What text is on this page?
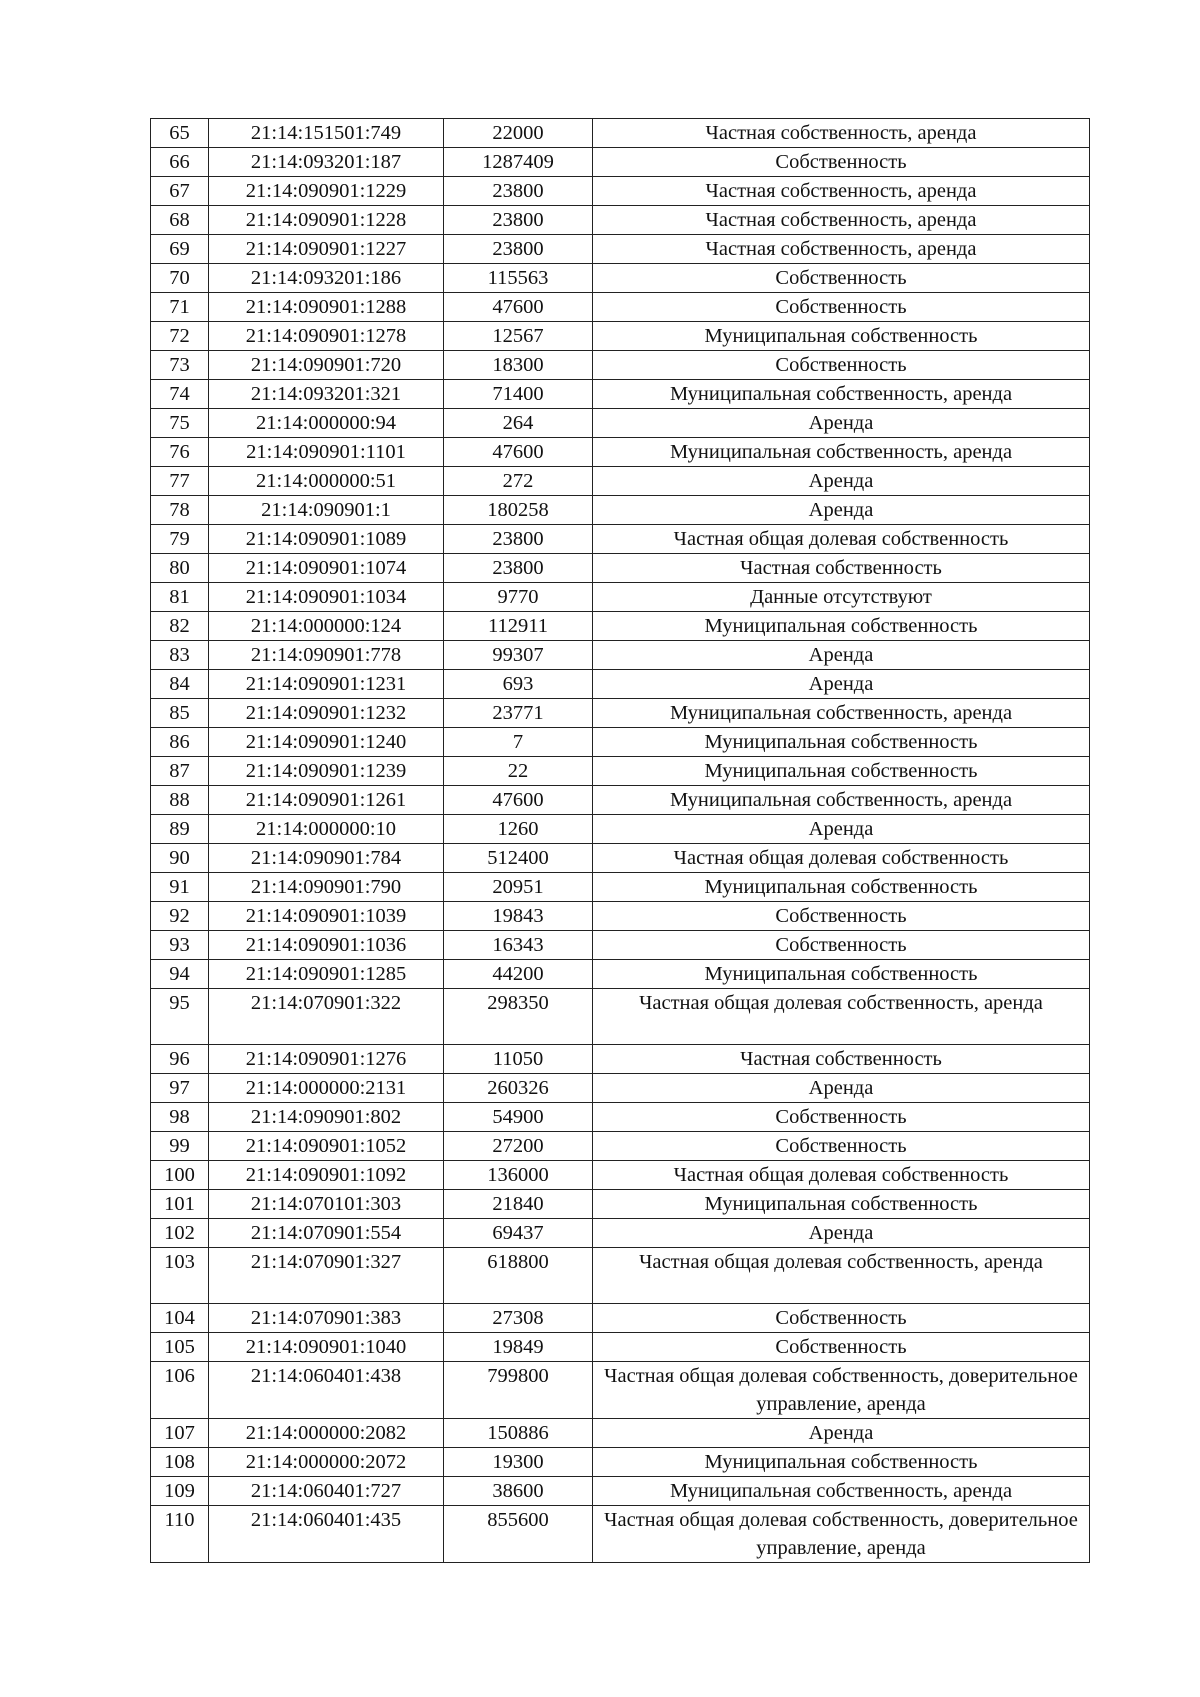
65	21:14:151501:749	22000	Частная собственность, аренда
66	21:14:093201:187	1287409	Собственность
67	21:14:090901:1229	23800	Частная собственность, аренда
68	21:14:090901:1228	23800	Частная собственность, аренда
69	21:14:090901:1227	23800	Частная собственность, аренда
70	21:14:093201:186	115563	Собственность
71	21:14:090901:1288	47600	Собственность
72	21:14:090901:1278	12567	Муниципальная собственность
73	21:14:090901:720	18300	Собственность
74	21:14:093201:321	71400	Муниципальная собственность, аренда
75	21:14:000000:94	264	Аренда
76	21:14:090901:1101	47600	Муниципальная собственность, аренда
77	21:14:000000:51	272	Аренда
78	21:14:090901:1	180258	Аренда
79	21:14:090901:1089	23800	Частная общая долевая собственность
80	21:14:090901:1074	23800	Частная собственность
81	21:14:090901:1034	9770	Данные отсутствуют
82	21:14:000000:124	112911	Муниципальная собственность
83	21:14:090901:778	99307	Аренда
84	21:14:090901:1231	693	Аренда
85	21:14:090901:1232	23771	Муниципальная собственность, аренда
86	21:14:090901:1240	7	Муниципальная собственность
87	21:14:090901:1239	22	Муниципальная собственность
88	21:14:090901:1261	47600	Муниципальная собственность, аренда
89	21:14:000000:10	1260	Аренда
90	21:14:090901:784	512400	Частная общая долевая собственность
91	21:14:090901:790	20951	Муниципальная собственность
92	21:14:090901:1039	19843	Собственность
93	21:14:090901:1036	16343	Собственность
94	21:14:090901:1285	44200	Муниципальная собственность
95	21:14:070901:322	298350	Частная общая долевая собственность, аренда
96	21:14:090901:1276	11050	Частная собственность
97	21:14:000000:2131	260326	Аренда
98	21:14:090901:802	54900	Собственность
99	21:14:090901:1052	27200	Собственность
100	21:14:090901:1092	136000	Частная общая долевая собственность
101	21:14:070101:303	21840	Муниципальная собственность
102	21:14:070901:554	69437	Аренда
103	21:14:070901:327	618800	Частная общая долевая собственность, аренда
104	21:14:070901:383	27308	Собственность
105	21:14:090901:1040	19849	Собственность
106	21:14:060401:438	799800	Частная общая долевая собственность, доверительное управление, аренда
107	21:14:000000:2082	150886	Аренда
108	21:14:000000:2072	19300	Муниципальная собственность
109	21:14:060401:727	38600	Муниципальная собственность, аренда
110	21:14:060401:435	855600	Частная общая долевая собственность, доверительное управление, аренда
